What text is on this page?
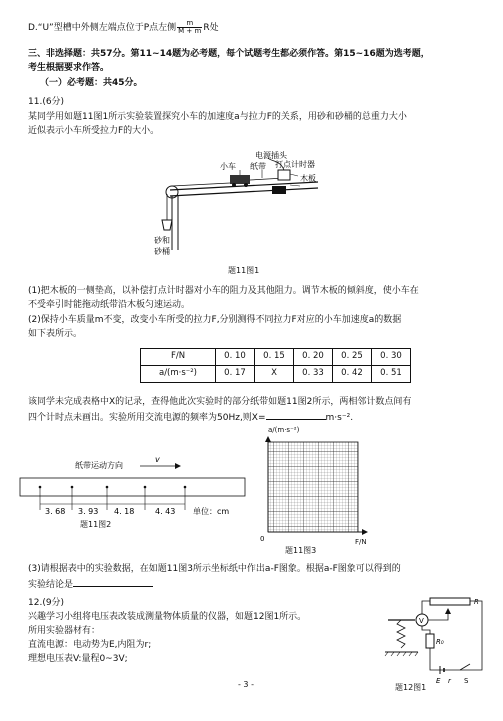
D.“U”型槽中外侧左端点位于P点左侧 $\frac{m}{M + m}$ R处
三、非选择题：共57分。第11~14题为必考题，每个试题考生都必须作答。第15~16题为选考题，
考生根据要求作答。
（一）必考题：共45分。
11.(6分)
某同学用如题11图1所示实验装置探究小车的加速度a与拉力F的关系，用砂和砂桶的总重力大小
近似表示小车所受拉力F的大小。
电源插头
小车 纸带 打点计时器
木板
砂和
砂桶
题11图1
(1)把木板的一侧垫高，以补偿打点计时器对小车的阻力及其他阻力。调节木板的倾斜度，使小车在
不受牵引时能拖动纸带沿木板匀速运动。
(2)保持小车质量m不变，改变小车所受的拉力F,分别测得不同拉力F对应的小车加速度a的数据
如下表所示。
F/N	0. 10	0. 15	0. 20	0. 25	0. 30
a/(m·s⁻²)	0. 17	X	0. 33	0. 42	0. 51
该同学未完成表格中X的记录，查得他此次实验时的部分纸带如题11图2所示，两相邻计数点间有
四个计时点未画出。实验所用交流电源的频率为50Hz,则X=	m·s⁻².
纸带运动方向
v
3. 68 3. 93 4. 18	4. 43 单位：cm
题11图2
a/(m·s⁻²)
0	F/N
题11图3
(3)请根据表中的实验数据，在如题11图3所示坐标纸中作出a-F图象。根据a-F图象可以得到的
实验结论是
12.(9分)
兴趣学习小组将电压表改装成测量物体质量的仪器，如题12图1所示。
所用实验器材有：
直流电源：电动势为E,内阻为r;
理想电压表V:量程0~3V;
R
V
R₀
E r S
题12图1
- 3 -
